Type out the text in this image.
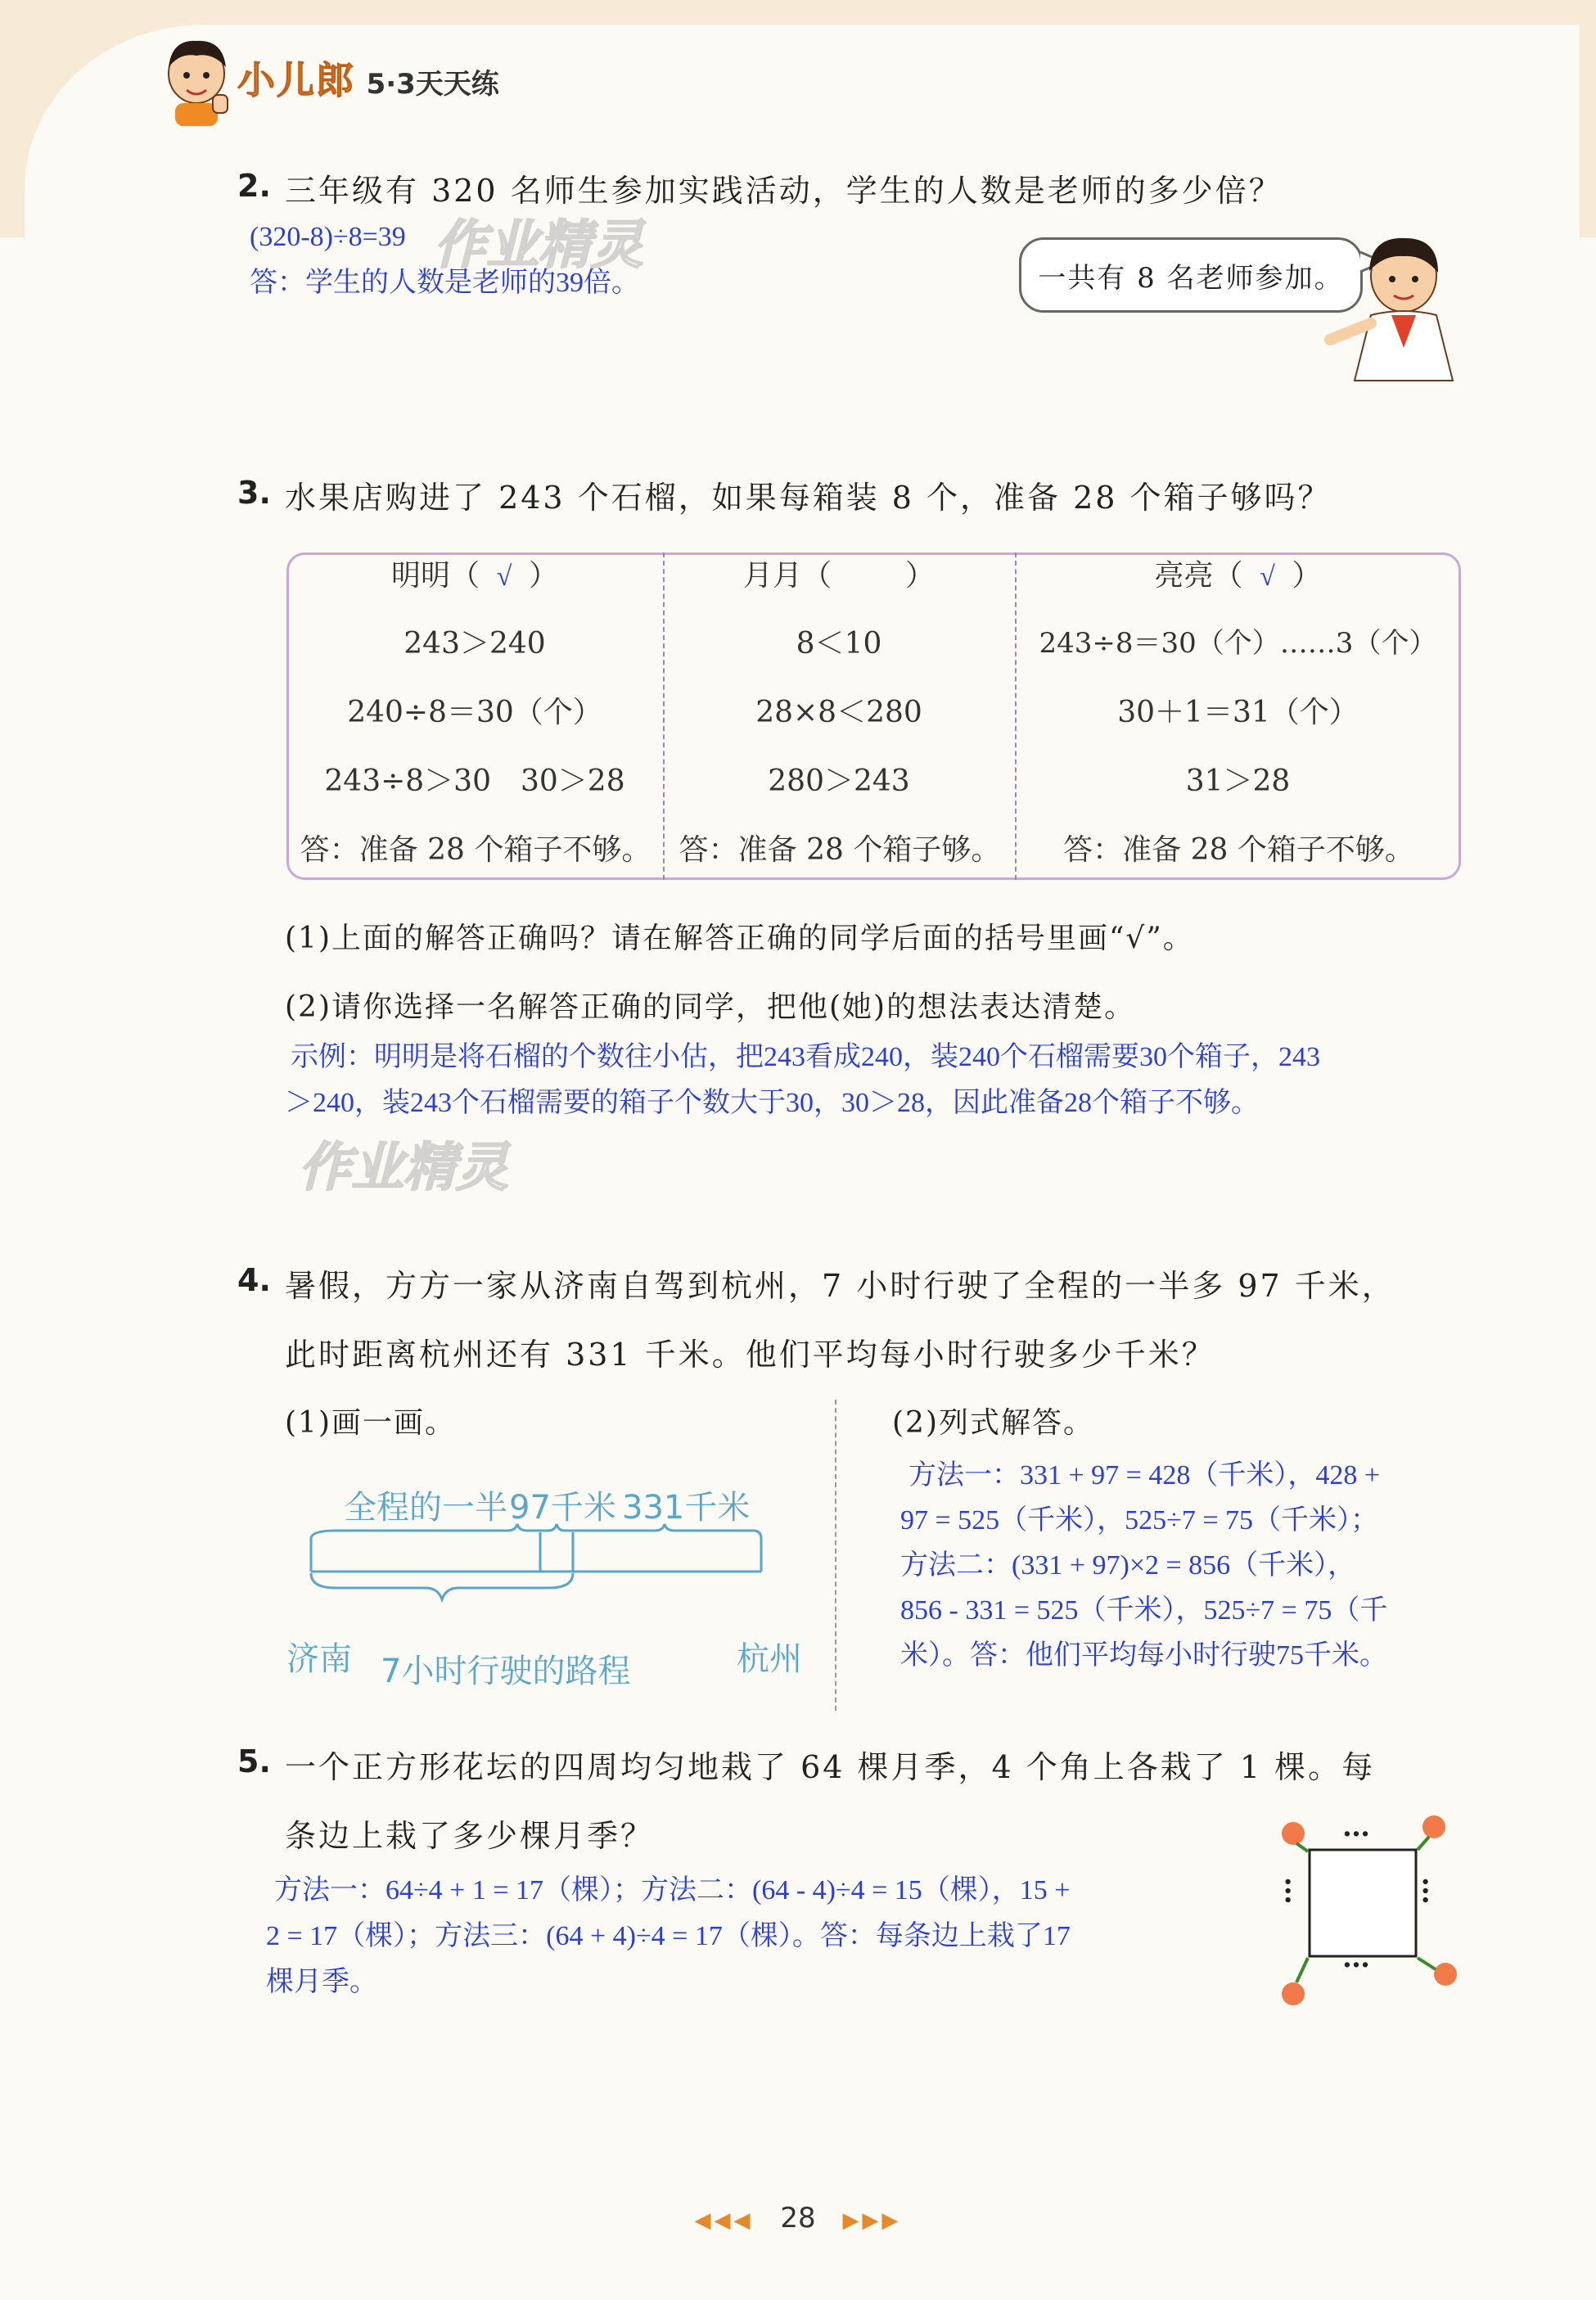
小儿郎 5·3天天练
2. 三年级有 320 名师生参加实践活动，学生的人数是老师的多少倍？
(320-8)÷8=39
答：学生的人数是老师的39倍。
作业精灵
一共有 8 名老师参加。
3. 水果店购进了 243 个石榴，如果每箱装 8 个，准备 28 个箱子够吗？
明明（ √ ）
243＞240
240÷8＝30（个）
243÷8＞30　30＞28
答：准备 28 个箱子不够。
月月（	）
8＜10
28×8＜280
280＞243
答：准备 28 个箱子够。
亮亮（ √ ）
243÷8＝30（个）……3（个）
30＋1＝31（个）
31＞28
答：准备 28 个箱子不够。
(1)上面的解答正确吗？请在解答正确的同学后面的括号里画“√”。
(2)请你选择一名解答正确的同学，把他(她)的想法表达清楚。
示例：明明是将石榴的个数往小估，把243看成240，装240个石榴需要30个箱子，243
＞240，装243个石榴需要的箱子个数大于30，30＞28，因此准备28个箱子不够。
作业精灵
4. 暑假，方方一家从济南自驾到杭州，7 小时行驶了全程的一半多 97 千米，
此时距离杭州还有 331 千米。他们平均每小时行驶多少千米？
(1)画一画。	(2)列式解答。
全程的一半 97千米 331千米
济南 7小时行驶的路程	杭州
方法一：331 + 97 = 428（千米），428 +
97 = 525（千米），525÷7 = 75（千米）；
方法二：(331 + 97)×2 = 856（千米），
856 - 331 = 525（千米），525÷7 = 75（千
米）。答：他们平均每小时行驶75千米。
5. 一个正方形花坛的四周均匀地栽了 64 棵月季，4 个角上各栽了 1 棵。每
条边上栽了多少棵月季？
方法一：64÷4 + 1 = 17（棵）；方法二：(64 - 4)÷4 = 15（棵），15 +
2 = 17（棵）；方法三：(64 + 4)÷4 = 17（棵）。答：每条边上栽了17
棵月季。
…
…
…	…
◀◀◀ 28 ▶▶▶
